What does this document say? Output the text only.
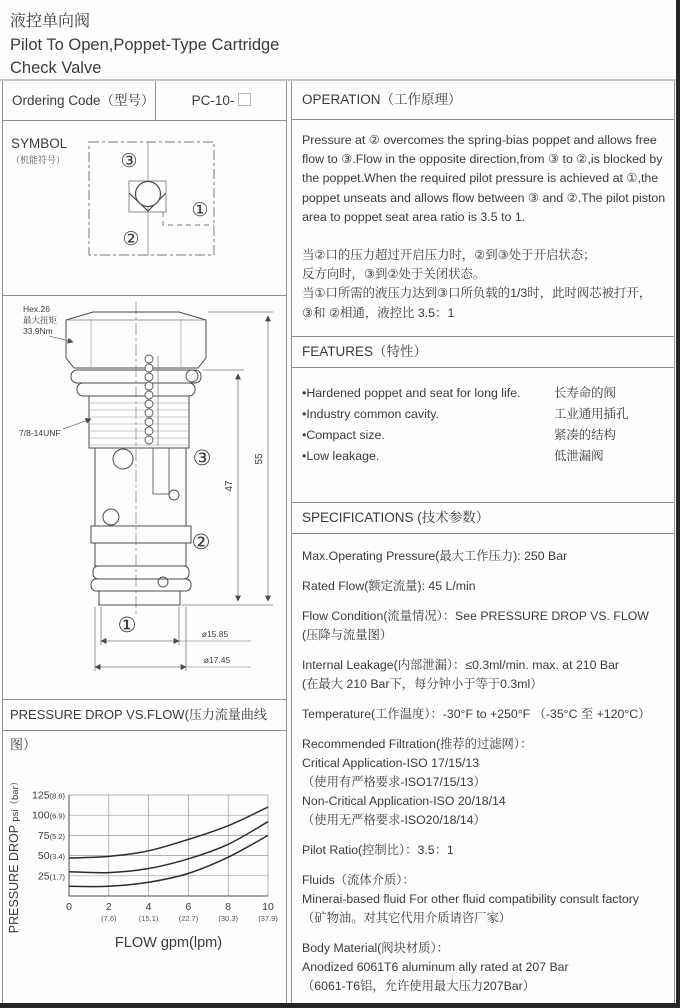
液控单向阀
Pilot To Open,Poppet-Type Cartridge
Check Valve
Ordering Code（型号）	PC-10-
SYMBOL
（机能符号）	③
②
①
Hex.26
最大扭矩
33.9Nm
7/8-14UNF
55
47
ø15.85
ø17.45
③
②
①
PRESSURE DROP VS.FLOW(压力流量曲线图）
0	2
(7.6)
4
(15.1)
6
(22.7)
8
(30.3)
10
(37.9)
25(1.7)
50(3.4)
75(5.2)
100(6.9)
125(8.6)
FLOW gpm(lpm)
PRESSURE DROP psi（bar）
OPERATION（工作原理）
Pressure at ② overcomes the spring-bias poppet and allows free flow to ③.Flow in the opposite direction,from ③ to ②,is blocked by the poppet.When the required pilot pressure is achieved at ①,the poppet unseats and allows flow between ③ and ②.The pilot piston area to poppet seat area ratio is 3.5 to 1.
当②口的压力超过开启压力时，②到③处于开启状态；
反方向时，③到②处于关闭状态。
当①口所需的液压力达到③口所负载的1/3时，此时阀芯被打开，
③和 ②相通，液控比 3.5：1
FEATURES（特性）
•Hardened poppet and seat for long life.	长寿命的阀
•Industry common cavity.	工业通用插孔
•Compact size.	紧凑的结构
•Low leakage.	低泄漏阀
SPECIFICATIONS (技术参数）
Max.Operating Pressure(最大工作压力): 250 Bar
Rated Flow(额定流量): 45 L/min
Flow Condition(流量情况）：See PRESSURE DROP VS. FLOW
(压降与流量图）
Internal Leakage(内部泄漏）：≤0.3ml/min. max. at 210 Bar
(在最大 210 Bar下，每分钟小于等于0.3ml）
Temperature(工作温度）：-30°F to +250°F （-35°C 至 +120°C）
Recommended Filtration(推荐的过滤网）：
Critical Application-ISO 17/15/13
（使用有严格要求-ISO17/15/13）
Non-Critical Application-ISO 20/18/14
（使用无严格要求-ISO20/18/14）
Pilot Ratio(控制比）：3.5：1
Fluids（流体介质）：
Minerai-based fluid For other fluid compatibility consult factory
（矿物油。对其它代用介质请咨厂家）
Body Material(阀块材质）：
Anodized 6061T6 aluminum ally rated at 207 Bar
（6061-T6铝，允许使用最大压力207Bar）
